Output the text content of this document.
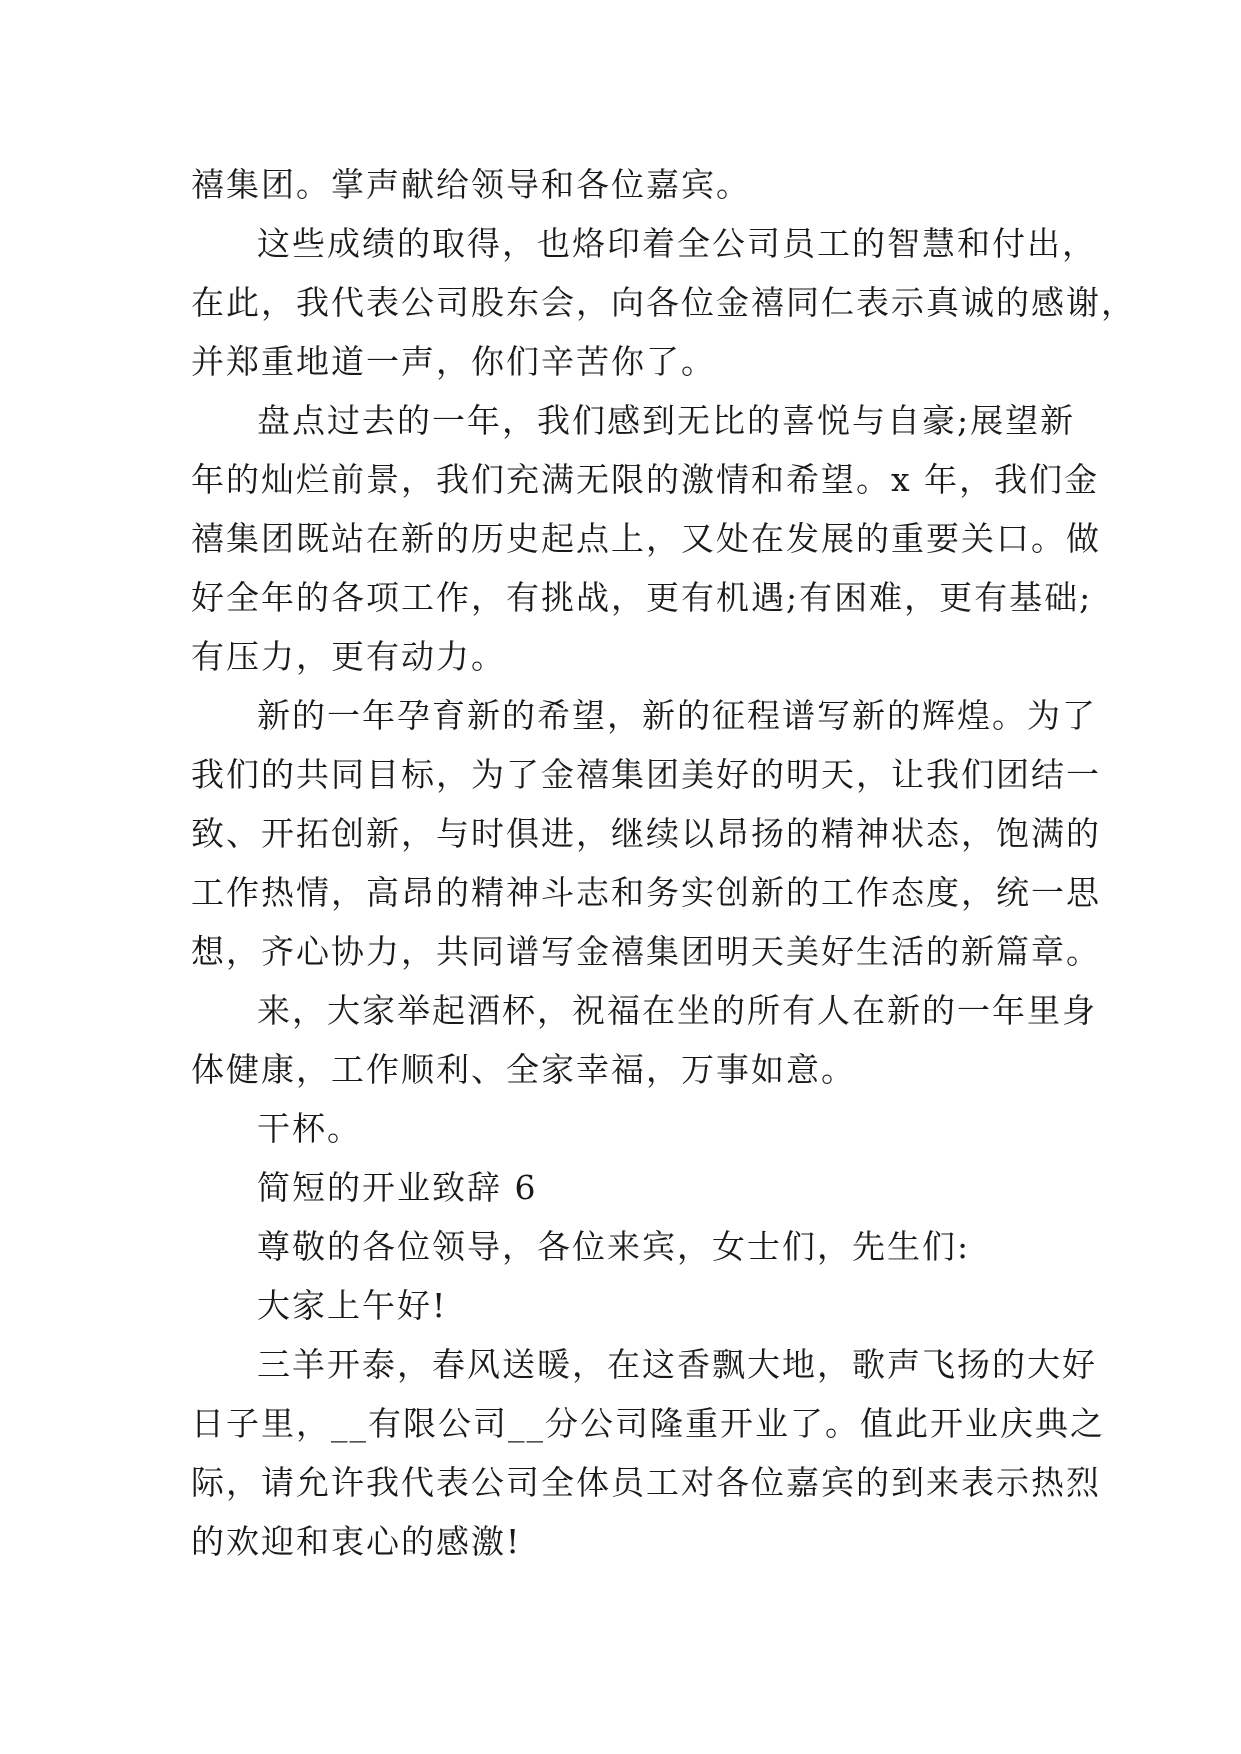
禧集团。掌声献给领导和各位嘉宾。
这些成绩的取得，也烙印着全公司员工的智慧和付出，
在此，我代表公司股东会，向各位金禧同仁表示真诚的感谢，
并郑重地道一声，你们辛苦你了。
盘点过去的一年，我们感到无比的喜悦与自豪;展望新
年的灿烂前景，我们充满无限的激情和希望。x 年，我们金
禧集团既站在新的历史起点上，又处在发展的重要关口。做
好全年的各项工作，有挑战，更有机遇;有困难，更有基础;
有压力，更有动力。
新的一年孕育新的希望，新的征程谱写新的辉煌。为了
我们的共同目标，为了金禧集团美好的明天，让我们团结一
致、开拓创新，与时俱进，继续以昂扬的精神状态，饱满的
工作热情，高昂的精神斗志和务实创新的工作态度，统一思
想，齐心协力，共同谱写金禧集团明天美好生活的新篇章。
来，大家举起酒杯，祝福在坐的所有人在新的一年里身
体健康，工作顺利、全家幸福，万事如意。
干杯。
简短的开业致辞 6
尊敬的各位领导，各位来宾，女士们，先生们:
大家上午好!
三羊开泰，春风送暖，在这香飘大地，歌声飞扬的大好
日子里，__有限公司__分公司隆重开业了。值此开业庆典之
际，请允许我代表公司全体员工对各位嘉宾的到来表示热烈
的欢迎和衷心的感激!
